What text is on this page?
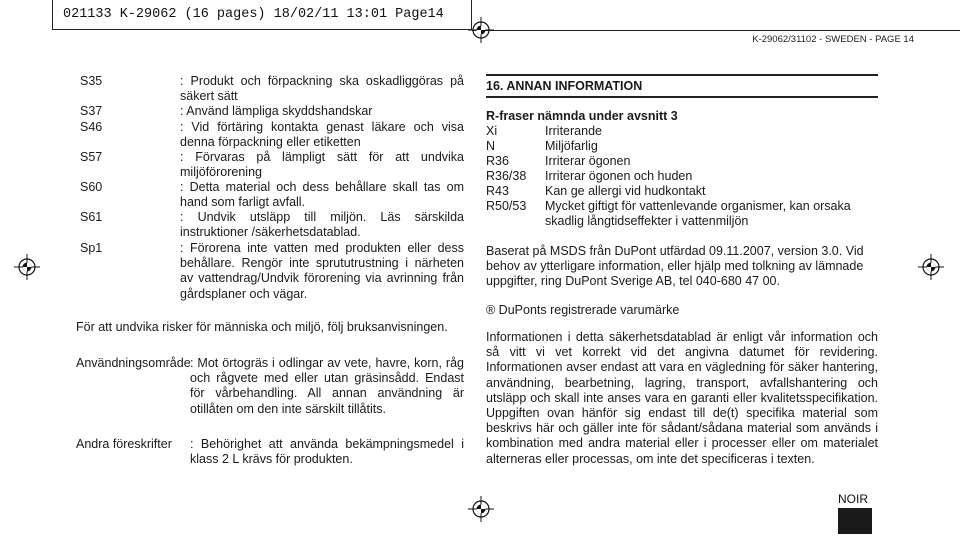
021133 K-29062 (16 pages) 18/02/11 13:01 Page14
K-29062/31102 - SWEDEN - PAGE 14
S35	: Produkt och förpackning ska oskadliggöras på säkert sätt
S37	: Använd lämpliga skyddshandskar
S46	: Vid förtäring kontakta genast läkare och visa denna förpackning eller etiketten
S57	: Förvaras på lämpligt sätt för att undvika miljöförorening
S60	: Detta material och dess behållare skall tas om hand som farligt avfall.
S61	: Undvik utsläpp till miljön. Läs särskilda instruktioner /säkerhetsdatablad.
Sp1	: Förorena inte vatten med produkten eller dess behållare. Rengör inte sprututrustning i närheten av vattendrag/Undvik förorening via avrinning från gårdsplaner och vägar.
För att undvika risker för människa och miljö, följ bruksanvisningen.
Användningsområde : Mot örtogräs i odlingar av vete, havre, korn, råg och rågvete med eller utan gräsinsådd. Endast för vårbehandling. All annan användning är otillåten om den inte särskilt tillåtits.
Andra föreskrifter	: Behörighet att använda bekämpningsmedel i klass 2 L krävs för produkten.
16. ANNAN INFORMATION
R-fraser nämnda under avsnitt 3
Xi	Irriterande
N	Miljöfarlig
R36	Irriterar ögonen
R36/38 Irriterar ögonen och huden
R43	Kan ge allergi vid hudkontakt
R50/53 Mycket giftigt för vattenlevande organismer, kan orsaka skadlig långtidseffekter i vattenmiljön
Baserat på MSDS från DuPont utfärdad 09.11.2007, version 3.0. Vid behov av ytterligare information, eller hjälp med tolkning av lämnade uppgifter, ring DuPont Sverige AB, tel 040-680 47 00.
® DuPonts registrerade varumärke
Informationen i detta säkerhetsdatablad är enligt vår information och så vitt vi vet korrekt vid det angivna datumet för revidering. Informationen avser endast att vara en vägledning för säker hantering, användning, bearbetning, lagring, transport, avfallshantering och utsläpp och skall inte anses vara en garanti eller kvalitetsspecifikation. Uppgiften ovan hänför sig endast till de(t) specifika material som beskrivs här och gäller inte för sådant/sådana material som används i kombination med andra material eller i processer eller om materialet alterneras eller processas, om inte det specificeras i texten.
NOIR
